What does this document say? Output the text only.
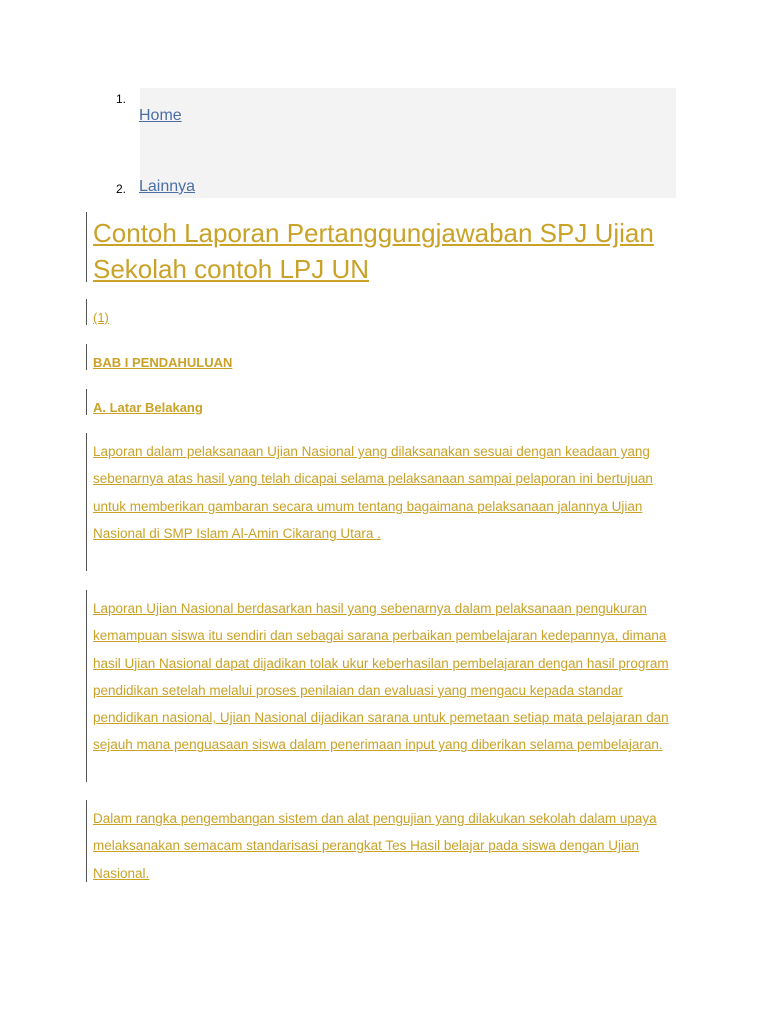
1.
Home
2. Lainnya
Contoh Laporan Pertanggungjawaban SPJ Ujian Sekolah contoh LPJ UN
$_{(1)}$
$_{BAB I PENDAHULUAN}$
$_{A. Latar Belakang}$

Laporan dalam pelaksanaan Ujian Nasional yang dilaksanakan sesuai dengan keadaan yang sebenarnya atas hasil yang telah dicapai selama pelaksanaan sampai pelaporan ini bertujuan untuk memberikan gambaran secara umum tentang bagaimana pelaksanaan jalannya Ujian Nasional di SMP Islam Al-Amin Cikarang Utara .

Laporan Ujian Nasional berdasarkan hasil yang sebenarnya dalam pelaksanaan pengukuran kemampuan siswa itu sendiri dan sebagai sarana perbaikan pembelajaran kedepannya, dimana hasil Ujian Nasional dapat dijadikan tolak ukur keberhasilan pembelajaran dengan hasil program pendidikan setelah melalui proses penilaian dan evaluasi yang mengacu kepada standar pendidikan nasional, Ujian Nasional dijadikan sarana untuk pemetaan setiap mata pelajaran dan sejauh mana penguasaan siswa dalam penerimaan input yang diberikan selama pembelajaran.

Dalam rangka pengembangan sistem dan alat pengujian yang dilakukan sekolah dalam upaya melaksanakan semacam standarisasi perangkat Tes Hasil belajar pada siswa dengan Ujian Nasional.
